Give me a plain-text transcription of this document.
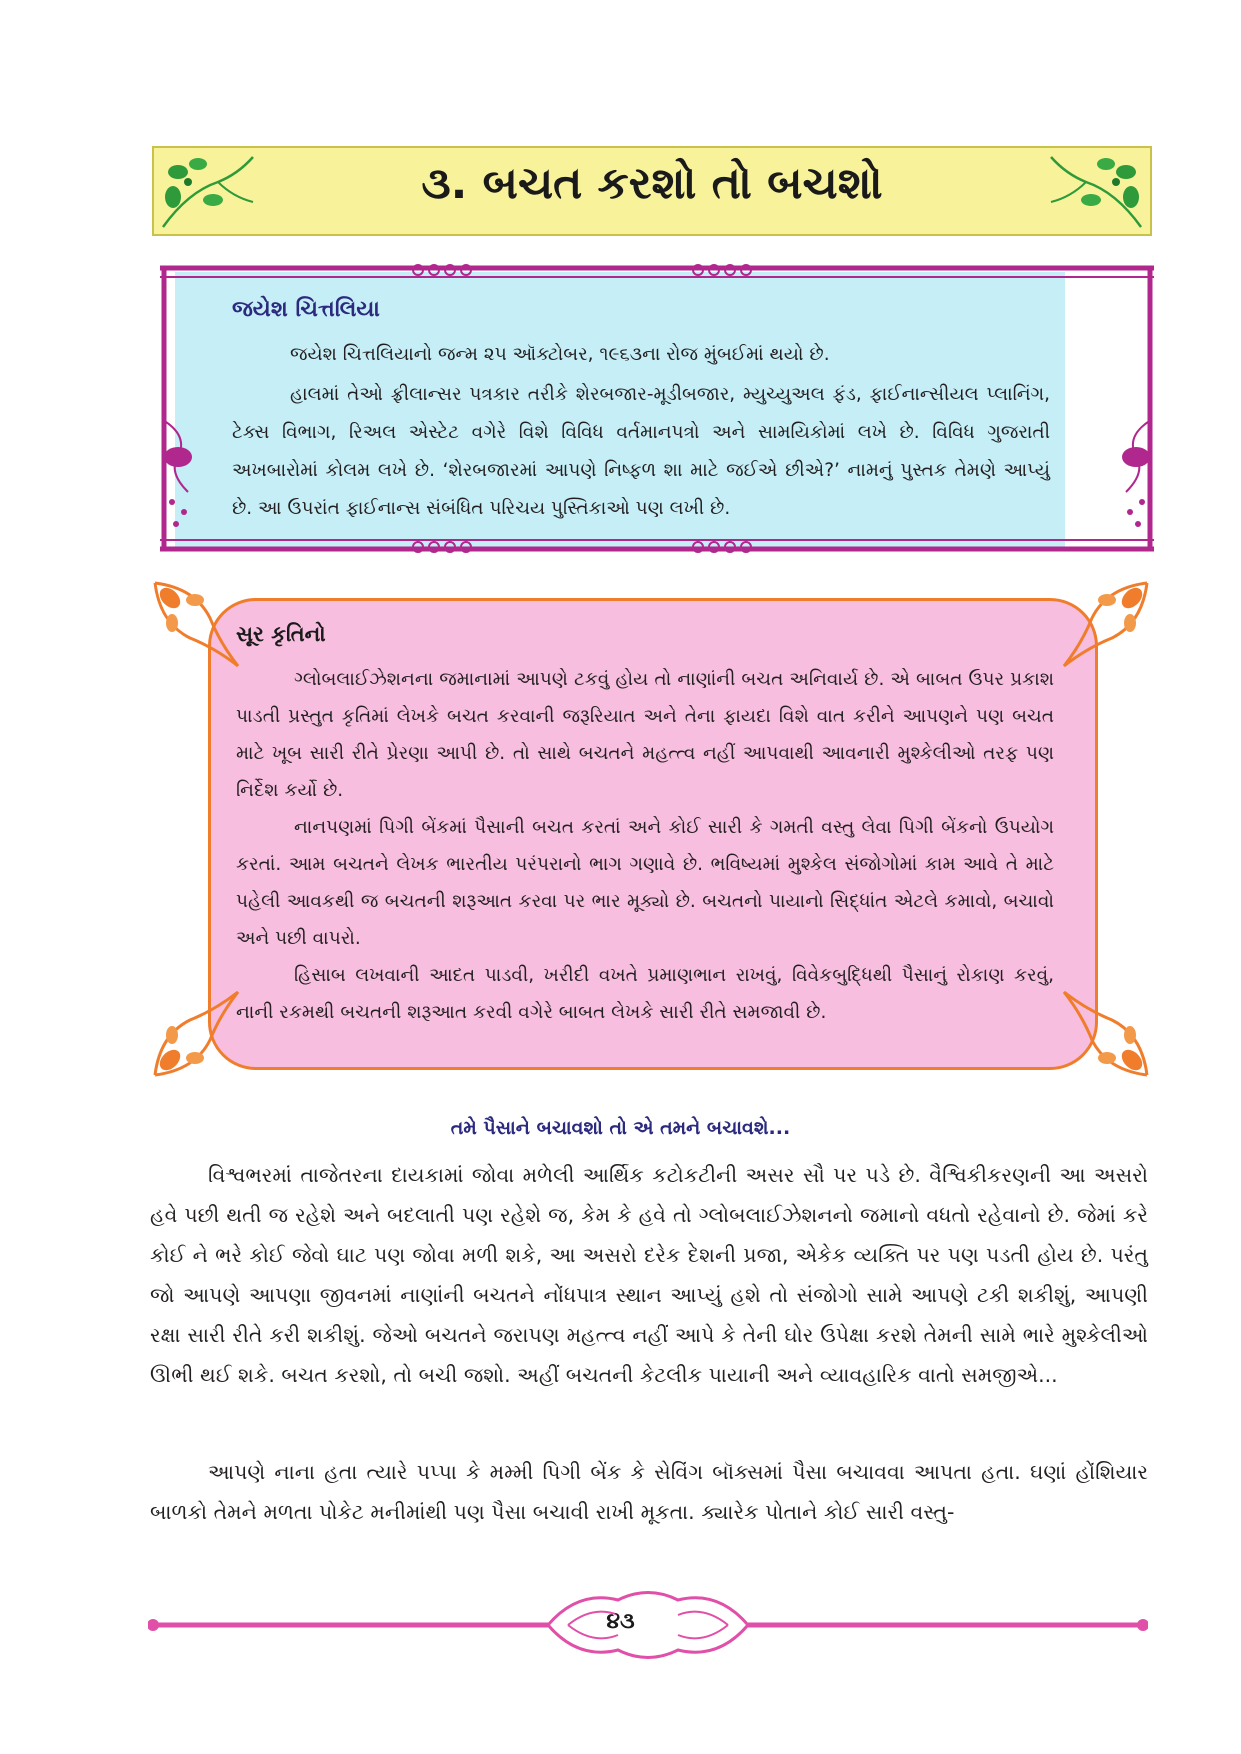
૩. બચત કરશો તો બચશો
જયેશ ચિત્તલિયા

જયેશ ચિત્તલિયાનો જન્મ ૨૫ ઑક્ટોબર, ૧૯૬૩ના રોજ મુંબઈમાં થયો છે.

હાલમાં તેઓ ફ્રીલાન્સર પત્રકાર તરીકે શેરબજાર-મૂડીબજાર, મ્યુચ્યુઅલ ફંડ, ફાઈનાન્સીયલ પ્લાનિંગ, ટેક્સ વિભાગ, રિઅલ એસ્ટેટ વગેરે વિશે વિવિધ વર્તમાનપત્રો અને સામયિકોમાં લખે છે. વિવિધ ગુજરાતી અખબારોમાં કોલમ લખે છે. ‘શેરબજારમાં આપણે નિષ્ફળ શા માટે જઈએ છીએ?’ નામનું પુસ્તક તેમણે આપ્યું છે. આ ઉપરાંત ફાઈનાન્સ સંબંધિત પરિચય પુસ્તિકાઓ પણ લખી છે.

સૂર કૃતિનો

ગ્લોબલાઈઝેશનના જમાનામાં આપણે ટકવું હોય તો નાણાંની બચત અનિવાર્ય છે. એ બાબત ઉપર પ્રકાશ પાડતી પ્રસ્તુત કૃતિમાં લેખકે બચત કરવાની જરૂરિયાત અને તેના ફાયદા વિશે વાત કરીને આપણને પણ બચત માટે ખૂબ સારી રીતે પ્રેરણા આપી છે. તો સાથે બચતને મહત્ત્વ નહીં આપવાથી આવનારી મુશ્કેલીઓ તરફ પણ નિર્દેશ કર્યો છે.

નાનપણમાં પિગી બેંકમાં પૈસાની બચત કરતાં અને કોઈ સારી કે ગમતી વસ્તુ લેવા પિગી બેંકનો ઉપયોગ કરતાં. આમ બચતને લેખક ભારતીય પરંપરાનો ભાગ ગણાવે છે. ભવિષ્યમાં મુશ્કેલ સંજોગોમાં કામ આવે તે માટે પહેલી આવકથી જ બચતની શરૂઆત કરવા પર ભાર મૂક્યો છે. બચતનો પાયાનો સિદ્ધાંત એટલે કમાવો, બચાવો અને પછી વાપરો.

હિસાબ લખવાની આદત પાડવી, ખરીદી વખતે પ્રમાણભાન રાખવું, વિવેકબુદ્ધિથી પૈસાનું રોકાણ કરવું, નાની રકમથી બચતની શરૂઆત કરવી વગેરે બાબત લેખકે સારી રીતે સમજાવી છે.

તમે પૈસાને બચાવશો તો એ તમને બચાવશે...

વિશ્વભરમાં તાજેતરના દાયકામાં જોવા મળેલી આર્થિક કટોકટીની અસર સૌ પર પડે છે. વૈશ્વિકીકરણની આ અસરો હવે પછી થતી જ રહેશે અને બદલાતી પણ રહેશે જ, કેમ કે હવે તો ગ્લોબલાઈઝેશનનો જમાનો વધતો રહેવાનો છે. જેમાં કરે કોઈ ને ભરે કોઈ જેવો ઘાટ પણ જોવા મળી શકે, આ અસરો દરેક દેશની પ્રજા, એકેક વ્યક્તિ પર પણ પડતી હોય છે. પરંતુ જો આપણે આપણા જીવનમાં નાણાંની બચતને નોંધપાત્ર સ્થાન આપ્યું હશે તો સંજોગો સામે આપણે ટકી શકીશું, આપણી રક્ષા સારી રીતે કરી શકીશું. જેઓ બચતને જરાપણ મહત્ત્વ નહીં આપે કે તેની ઘોર ઉપેક્ષા કરશે તેમની સામે ભારે મુશ્કેલીઓ ઊભી થઈ શકે. બચત કરશો, તો બચી જશો. અહીં બચતની કેટલીક પાયાની અને વ્યાવહારિક વાતો સમજીએ...

આપણે નાના હતા ત્યારે પપ્પા કે મમ્મી પિગી બેંક કે સેવિંગ બૉક્સમાં પૈસા બચાવવા આપતા હતા. ઘણાં હોંશિયાર બાળકો તેમને મળતા પોકેટ મનીમાંથી પણ પૈસા બચાવી રાખી મૂકતા. ક્યારેક પોતાને કોઈ સારી વસ્તુ-

૪૩
